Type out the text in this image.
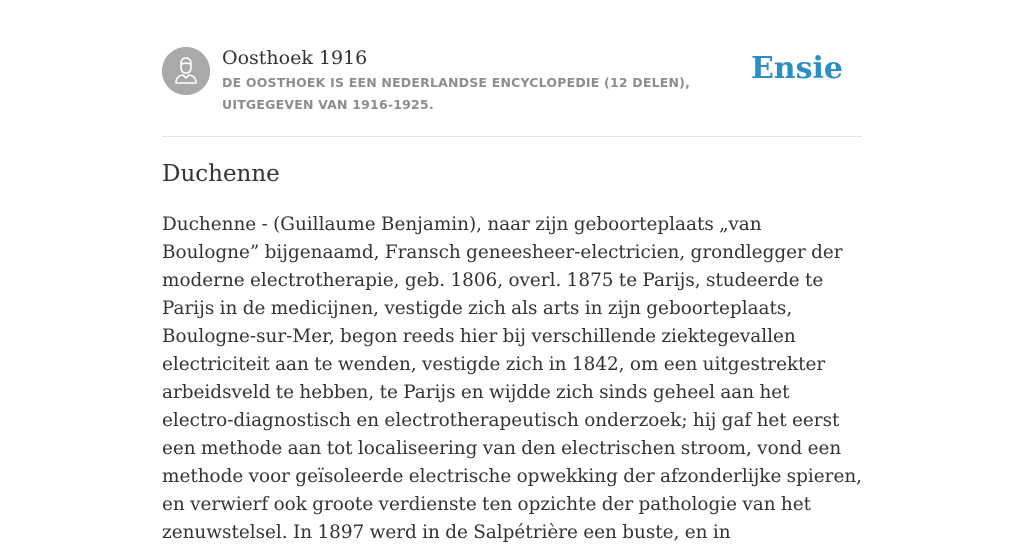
Oosthoek 1916
DE OOSTHOEK IS EEN NEDERLANDSE ENCYCLOPEDIE (12 DELEN), UITGEGEVEN VAN 1916-1925.
Ensie
Duchenne

Duchenne - (Guillaume Benjamin), naar zijn geboorteplaats „van Boulogne” bijgenaamd, Fransch geneesheer-electricien, grondlegger der moderne electrotherapie, geb. 1806, overl. 1875 te Parijs, studeerde te Parijs in de medicijnen, vestigde zich als arts in zijn geboorteplaats, Boulogne-sur-Mer, begon reeds hier bij verschillende ziektegevallen electriciteit aan te wenden, vestigde zich in 1842, om een uitgestrekter arbeidsveld te hebben, te Parijs en wijdde zich sinds geheel aan het electro-diagnostisch en electrotherapeutisch onderzoek; hij gaf het eerst een methode aan tot localiseering van den electrischen stroom, vond een methode voor geïsoleerde electrische opwekking der afzonderlijke spieren, en verwierf ook groote verdienste ten opzichte der pathologie van het zenuwstelsel. In 1897 werd in de Salpétrière een buste, en in
